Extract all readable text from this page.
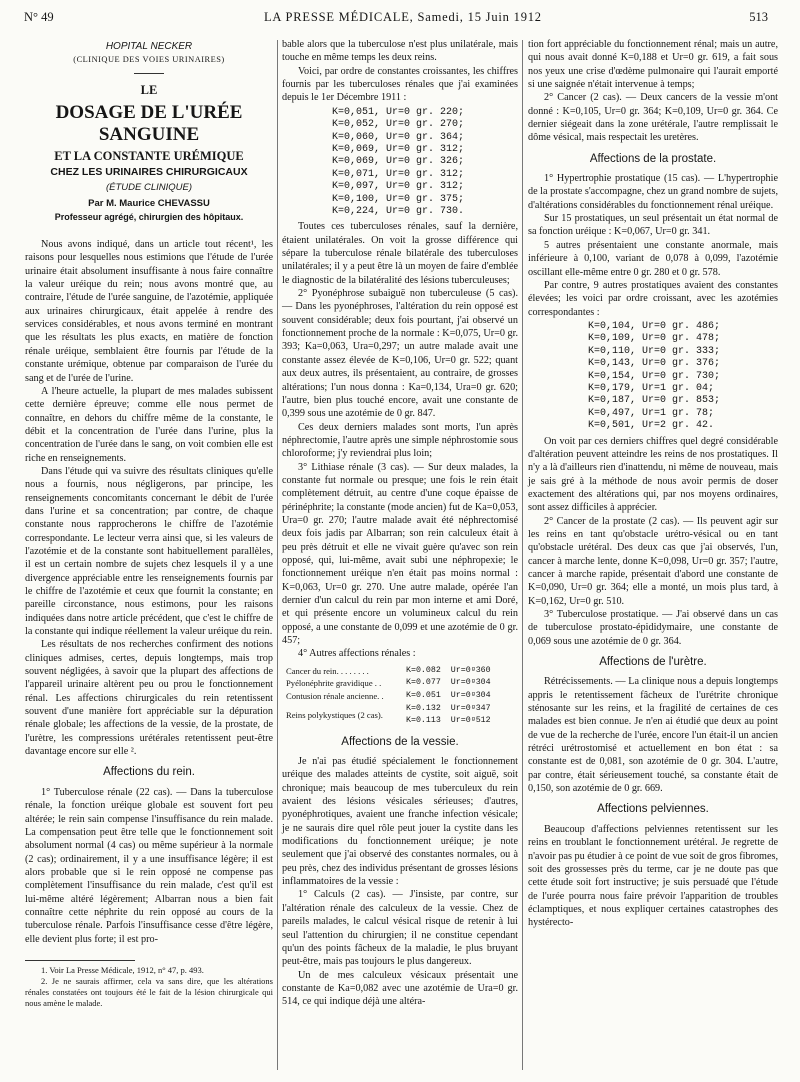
N° 49	LA PRESSE MÉDICALE, Samedi, 15 Juin 1912	513
HOPITAL NECKER
(CLINIQUE DES VOIES URINAIRES)
LE
DOSAGE DE L'URÉE SANGUINE
ET LA CONSTANTE URÉMIQUE
CHEZ LES URINAIRES CHIRURGICAUX
(ÉTUDE CLINIQUE)
Par M. Maurice CHEVASSU
Professeur agrégé, chirurgien des hôpitaux.

Nous avons indiqué, dans un article tout récent¹, les raisons pour lesquelles nous estimions que l'étude de l'urée urinaire était absolument insuffisante à nous faire connaître la valeur uréique du rein; nous avons montré que, au contraire, l'étude de l'urée sanguine, de l'azotémie, appliquée aux urinaires chirurgicaux, était appelée à rendre des services considérables, et nous avons terminé en montrant que les résultats les plus exacts, en matière de fonction rénale uréique, semblaient être fournis par l'étude de la constante urémique, obtenue par comparaison de l'urée du sang et de l'urée de l'urine.

A l'heure actuelle, la plupart de mes malades subissent cette dernière épreuve; comme elle nous permet de connaître, en dehors du chiffre même de la constante, le débit et la concentration de l'urée dans l'urine, plus la concentration de l'urée dans le sang, on voit combien elle est riche en renseignements.

Dans l'étude qui va suivre des résultats cliniques qu'elle nous a fournis, nous négligerons, par principe, les renseignements concomitants concernant le débit de l'urée dans l'urine et sa concentration; par contre, de chaque constante nous rapprocherons le chiffre de l'azotémie correspondante. Le lecteur verra ainsi que, si les valeurs de l'azotémie et de la constante sont habituellement parallèles, il est un certain nombre de sujets chez lesquels il y a une divergence appréciable entre les renseignements fournis par le chiffre de l'azotémie et ceux que fournit la constante; en pareille circonstance, nous estimons, pour les raisons indiquées dans notre article précédent, que c'est le chiffre de la constante qui indique réellement la valeur uréique du rein.

Les résultats de nos recherches confirment des notions cliniques admises, certes, depuis longtemps, mais trop souvent négligées, à savoir que la plupart des affections de l'appareil urinaire altèrent peu ou prou le fonctionnement rénal. Les affections chirurgicales du rein retentissent souvent d'une manière fort appréciable sur la dépuration rénale globale; les affections de la vessie, de la prostate, de l'urètre, les compressions urétérales retentissent peut-être davantage encore sur elle ².

Affections du rein.

1° Tuberculose rénale (22 cas). — Dans la tuberculose rénale, la fonction uréique globale est souvent fort peu altérée; le rein sain compense l'insuffisance du rein malade. La compensation peut être telle que le fonctionnement soit absolument normal (4 cas) ou même supérieur à la normale (2 cas); ordinairement, il y a une insuffisance légère; il est alors probable que si le rein opposé ne compense pas complètement l'insuffisance du rein malade, c'est qu'il est lui-même altéré légèrement; Albarran nous a bien fait connaître cette néphrite du rein opposé au cours de la tuberculose rénale. Parfois l'insuffisance cesse d'être légère, elle devient plus forte; il est pro-

1. Voir La Presse Médicale, 1912, n° 47, p. 493.

2. Je ne saurais affirmer, cela va sans dire, que les altérations rénales constatées ont toujours été le fait de la lésion chirurgicale qui nous amène le malade.

bable alors que la tuberculose n'est plus unilatérale, mais touche en même temps les deux reins.

Voici, par ordre de constantes croissantes, les chiffres fournis par les tuberculoses rénales que j'ai examinées depuis le 1er Décembre 1911 :

K=0,051, Ur=0 gr. 220;
K=0,052, Ur=0 gr. 270;
K=0,060, Ur=0 gr. 364;
K=0,069, Ur=0 gr. 312;
K=0,069, Ur=0 gr. 326;
K=0,071, Ur=0 gr. 312;
K=0,097, Ur=0 gr. 312;
K=0,100, Ur=0 gr. 375;
K=0,224, Ur=0 gr. 730.

Toutes ces tuberculoses rénales, sauf la dernière, étaient unilatérales. On voit la grosse différence qui sépare la tuberculose rénale bilatérale des tuberculoses unilatérales; il y a peut être là un moyen de faire d'emblée le diagnostic de la bilatéralité des lésions tuberculeuses;

2° Pyonéphrose subaiguë non tuberculeuse (5 cas). — Dans les pyonéphroses, l'altération du rein opposé est souvent considérable; deux fois pourtant, j'ai observé un fonctionnement proche de la normale : K=0,075, Ur=0 gr. 393; Ka=0,063, Ura=0,297; un autre malade avait une constante assez élevée de K=0,106, Ur=0 gr. 522; quant aux deux autres, ils présentaient, au contraire, de grosses altérations; l'un nous donna : Ka=0,134, Ura=0 gr. 620; l'autre, bien plus touché encore, avait une constante de 0,399 sous une azotémie de 0 gr. 847.

Ces deux derniers malades sont morts, l'un après néphrectomie, l'autre après une simple néphrostomie sous chloroforme; j'y reviendrai plus loin;

3° Lithiase rénale (3 cas). — Sur deux malades, la constante fut normale ou presque; une fois le rein était complètement détruit, au centre d'une coque épaisse de périnéphrite; la constante (mode ancien) fut de Ka=0,053, Ura=0 gr. 270; l'autre malade avait été néphrectomisé deux fois jadis par Albarran; son rein calculeux était à peu près détruit et elle ne vivait guère qu'avec son rein opposé, qui, lui-même, avait subi une néphropexie; le fonctionnement uréique n'en était pas moins normal : K=0,063, Ur=0 gr. 270. Une autre malade, opérée l'an dernier d'un calcul du rein par mon interne et ami Doré, et qui présente encore un volumineux calcul du rein opposé, a une constante de 0,099 et une azotémie de 0 gr. 457;

4° Autres affections rénales :

Cancer du rein. . . . . . . .	K=0.082  Ur=0ᵍ360
Pyélonéphrite gravidique . .	K=0.077  Ur=0ᵍ304
Contusion rénale ancienne. .	K=0.051  Ur=0ᵍ304
Reins polykystiques (2 cas).
K=0.132  Ur=0ᵍ347
K=0.113  Ur=0ᵍ512
Affections de la vessie.

Je n'ai pas étudié spécialement le fonctionnement uréique des malades atteints de cystite, soit aiguë, soit chronique; mais beaucoup de mes tuberculeux du rein avaient des lésions vésicales sérieuses; d'autres, pyonéphrotiques, avaient une franche infection vésicale; je ne saurais dire quel rôle peut jouer la cystite dans les modifications du fonctionnement uréique; je note seulement que j'ai observé des constantes normales, ou à peu près, chez des individus présentant de grosses lésions inflammatoires de la vessie :

1° Calculs (2 cas). — J'insiste, par contre, sur l'altération rénale des calculeux de la vessie. Chez de pareils malades, le calcul vésical risque de retenir à lui seul l'attention du chirurgien; il ne constitue cependant qu'un des points fâcheux de la maladie, le plus bruyant peut-être, mais pas toujours le plus dangereux.

Un de mes calculeux vésicaux présentait une constante de Ka=0,082 avec une azotémie de Ura=0 gr. 514, ce qui indique déjà une altéra-

tion fort appréciable du fonctionnement rénal; mais un autre, qui nous avait donné K=0,188 et Ur=0 gr. 619, a fait sous nos yeux une crise d'œdème pulmonaire qui l'aurait emporté si une saignée n'était intervenue à temps;

2° Cancer (2 cas). — Deux cancers de la vessie m'ont donné : K=0,105, Ur=0 gr. 364; K=0,109, Ur=0 gr. 364. Ce dernier siégeait dans la zone urétérale, l'autre remplissait le dôme vésical, mais respectait les uretères.

Affections de la prostate.

1° Hypertrophie prostatique (15 cas). — L'hypertrophie de la prostate s'accompagne, chez un grand nombre de sujets, d'altérations considérables du fonctionnement rénal uréique.

Sur 15 prostatiques, un seul présentait un état normal de sa fonction uréique : K=0,067, Ur=0 gr. 341.

5 autres présentaient une constante anormale, mais inférieure à 0,100, variant de 0,078 à 0,099, l'azotémie oscillant elle-même entre 0 gr. 280 et 0 gr. 578.

Par contre, 9 autres prostatiques avaient des constantes élevées; les voici par ordre croissant, avec les azotémies correspondantes :

K=0,104, Ur=0 gr. 486;
K=0,109, Ur=0 gr. 478;
K=0,110, Ur=0 gr. 333;
K=0,143, Ur=0 gr. 376;
K=0,154, Ur=0 gr. 730;
K=0,179, Ur=1 gr. 04;
K=0,187, Ur=0 gr. 853;
K=0,497, Ur=1 gr. 78;
K=0,501, Ur=2 gr. 42.

On voit par ces derniers chiffres quel degré considérable d'altération peuvent atteindre les reins de nos prostatiques. Il n'y a là d'ailleurs rien d'inattendu, ni même de nouveau, mais je sais gré à la méthode de nous avoir permis de doser exactement des altérations qui, par nos moyens ordinaires, sont assez difficiles à apprécier.

2° Cancer de la prostate (2 cas). — Ils peuvent agir sur les reins en tant qu'obstacle urétro-vésical ou en tant qu'obstacle urétéral. Des deux cas que j'ai observés, l'un, cancer à marche lente, donne K=0,098, Ur=0 gr. 357; l'autre, cancer à marche rapide, présentait d'abord une constante de K=0,090, Ur=0 gr. 364; elle a monté, un mois plus tard, à K=0,162, Ur=0 gr. 510.

3° Tuberculose prostatique. — J'ai observé dans un cas de tuberculose prostato-épididymaire, une constante de 0,069 sous une azotémie de 0 gr. 364.

Affections de l'urètre.

Rétrécissements. — La clinique nous a depuis longtemps appris le retentissement fâcheux de l'urétrite chronique sténosante sur les reins, et la fragilité de certaines de ces malades est bien connue. Je n'en ai étudié que deux au point de vue de la recherche de l'urée, encore l'un était-il un ancien rétréci urétrostomisé et actuellement en bon état : sa constante est de 0,081, son azotémie de 0 gr. 304. L'autre, par contre, était sérieusement touché, sa constante était de 0,150, son azotémie de 0 gr. 669.

Affections pelviennes.

Beaucoup d'affections pelviennes retentissent sur les reins en troublant le fonctionnement urétéral. Je regrette de n'avoir pas pu étudier à ce point de vue soit de gros fibromes, soit des grossesses près du terme, car je ne doute pas que cette étude soit fort instructive; je suis persuadé que l'étude de l'urée pourra nous faire prévoir l'apparition de troubles éclamptiques, et nous expliquer certaines catastrophes des hystérecto-
